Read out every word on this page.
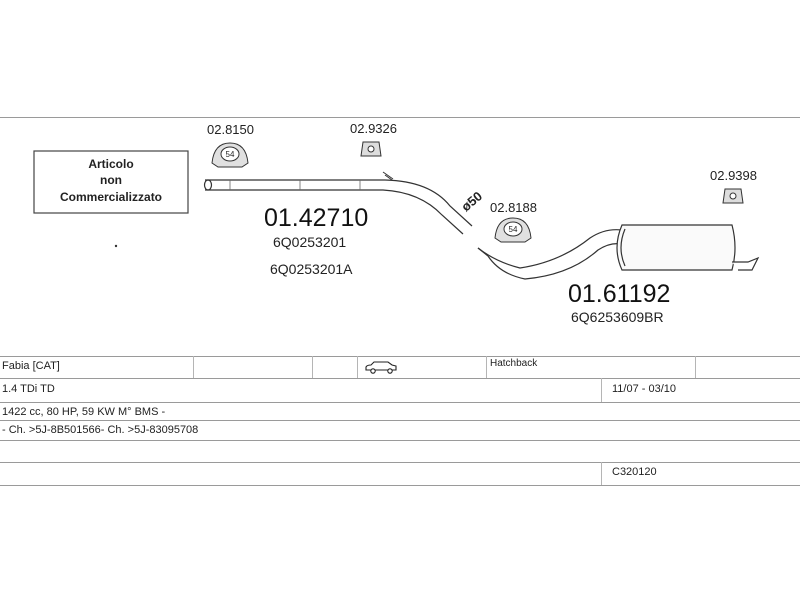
Articolo
non
Commercializzato
54
02.8150	02.9326
54
02.8188
ø50
02.9398
01.42710
6Q0253201
6Q0253201A
01.61192
6Q6253609BR
Fabia [CAT]	Hatchback
1.4 TDi TD	11/07 - 03/10
1422 cc, 80 HP, 59 KW M° BMS -
- Ch. >5J-8B501566- Ch. >5J-83095708
C320120
